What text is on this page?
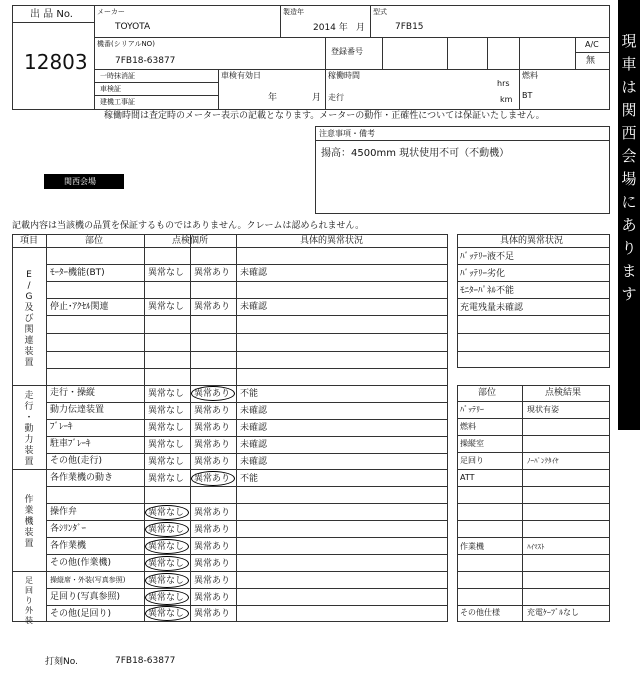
出 品 No.
12803
メーカー
TOYOTA
製造年
2014 年 月
型式
7FB15
機番(シリアルNO)
7FB18-63877
登録番号
A/C
無
一時抹消証
車検証
建機工事証
車検有効日
年	月
稼働時間
hrs
走行	km
燃料
BT
稼働時間は査定時のメーター表示の記載となります。メーターの動作・正確性については保証いたしません。
注意事項・備考
揚高：4500mm 現状使用不可（不動機）
関西会場
記載内容は当該機の品質を保証するものではありません。クレームは認められません。
項目	部位	点検個所	具体的異常状況
E
/
G
及
び
関
連
装
置
走
行
・
動
力
装
置
作
業
機
装
置
足
回
り
外
装
ﾓｰﾀｰ機能(BT)	異常なし 異常あり 未確認
停止･ｱｸｾﾙ関連	異常なし 異常あり 未確認
走行・操縦	異常なし 異常あり 不能
動力伝達装置	異常なし 異常あり 未確認
ﾌﾞﾚｰｷ	異常なし 異常あり 未確認
駐車ﾌﾞﾚｰｷ	異常なし 異常あり 未確認
その他(走行)	異常なし 異常あり 未確認
各作業機の動き	異常なし 異常あり 不能
操作弁	異常なし 異常あり
各ｼﾘﾝﾀﾞｰ	異常なし 異常あり
各作業機	異常なし 異常あり
その他(作業機)	異常なし 異常あり
操縦席・外装(写真参照)	異常なし 異常あり
足回り(写真参照)	異常なし 異常あり
その他(足回り)	異常なし 異常あり
具体的異常状況
ﾊﾞｯﾃﾘｰ液不足
ﾊﾞｯﾃﾘｰ劣化
ﾓﾆﾀｰﾊﾟﾈﾙ不能
充電残量未確認
部位	点検結果
ﾊﾞｯﾃﾘｰ	現状有姿
燃料
操縦室
足回り	ﾉｰﾊﾟﾝｸﾀｲﾔ
ATT
作業機	ﾊｲﾏｽﾄ
その他仕様	充電ｹｰﾌﾞﾙなし
打刻No.	7FB18-63877
◇
◆
現
車
は
関
西
会
場
に
あ
り
ま
す
◇
◆
